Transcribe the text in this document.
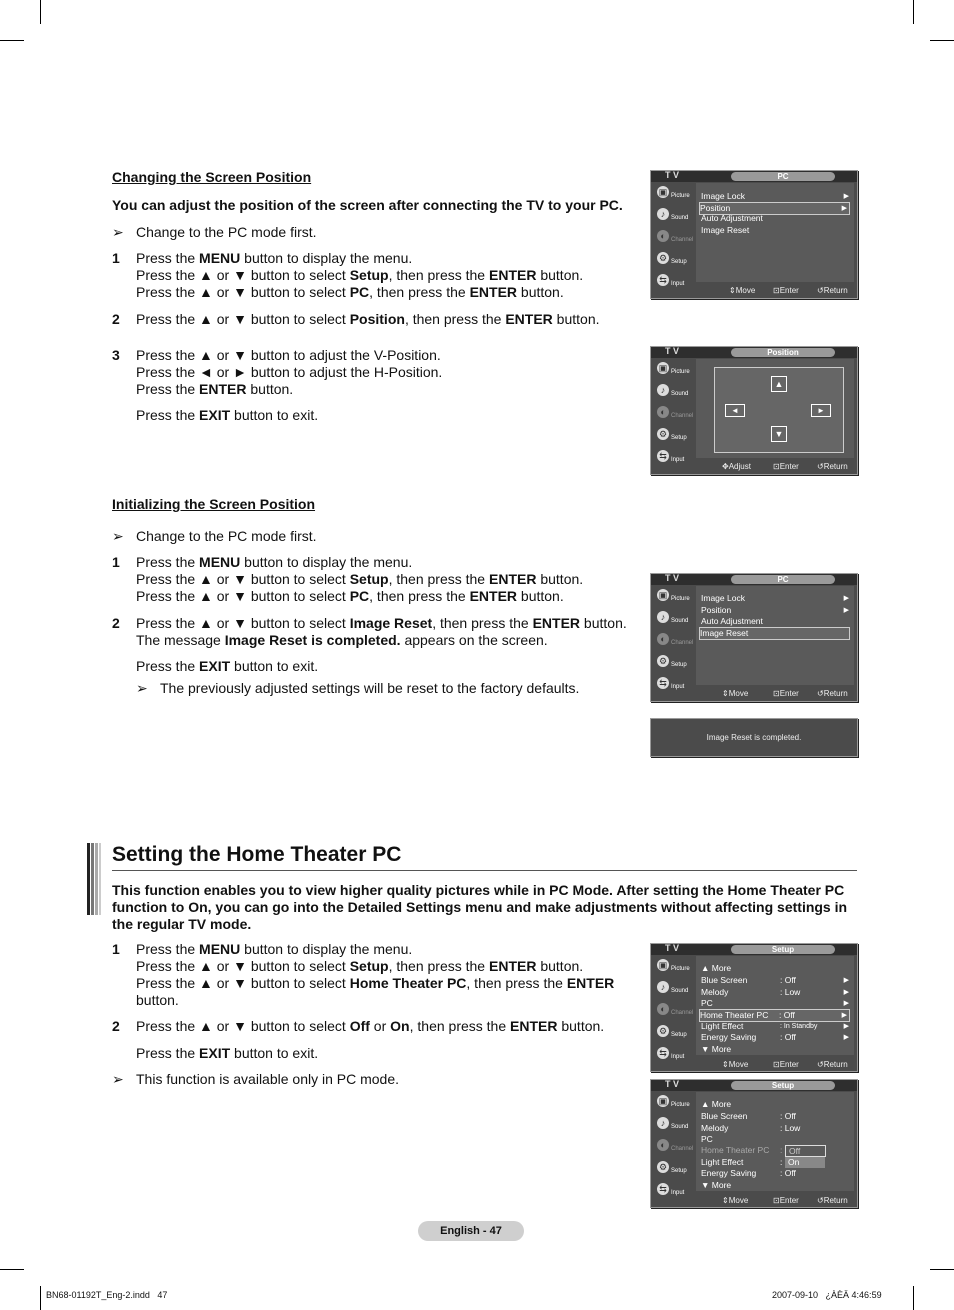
Changing the Screen Position
You can adjust the position of the screen after connecting the TV to your PC.
➢ Change to the PC mode first.
1 Press the MENU button to display the menu.
Press the ▲ or ▼ button to select Setup, then press the ENTER button.
Press the ▲ or ▼ button to select PC, then press the ENTER button.
2 Press the ▲ or ▼ button to select Position, then press the ENTER button.
3 Press the ▲ or ▼ button to adjust the V-Position.
Press the ◄ or ► button to adjust the H-Position.
Press the ENTER button.
Press the EXIT button to exit.
Initializing the Screen Position
➢ Change to the PC mode first.
1 Press the MENU button to display the menu.
Press the ▲ or ▼ button to select Setup, then press the ENTER button.
Press the ▲ or ▼ button to select PC, then press the ENTER button.
2 Press the ▲ or ▼ button to select Image Reset, then press the ENTER button.
The message Image Reset is completed. appears on the screen.
Press the EXIT button to exit.
➢ The previously adjusted settings will be reset to the factory defaults.
Setting the Home Theater PC
This function enables you to view higher quality pictures while in PC Mode. After setting the Home Theater PC function to On, you can go into the Detailed Settings menu and make adjustments without affecting settings in the regular TV mode.
1 Press the MENU button to display the menu.
Press the ▲ or ▼ button to select Setup, then press the ENTER button.
Press the ▲ or ▼ button to select Home Theater PC, then press the ENTER
button.
2 Press the ▲ or ▼ button to select Off or On, then press the ENTER button.
Press the EXIT button to exit.
➢ This function is available only in PC mode.
T V	PC
▣ Picture
♪ Sound
◐ Channel
⚙ Setup
⇆ Input
Image Lock	▶
Position	▶
Auto Adjustment
Image Reset
⇕ Move ⊡ Enter ↺ Return
T V	Position
▣ Picture
♪ Sound
◐ Channel
⚙ Setup
⇆ Input
▲
▼
◄	►
✥ Adjust	⊡ Enter ↺ Return
T V	PC
▣ Picture
♪ Sound
◐ Channel
⚙ Setup
⇆ Input
Image Lock	▶
Position	▶
Auto Adjustment
Image Reset
⇕ Move	⊡ Enter ↺ Return
Image Reset is completed.
T V	Setup
▣ Picture
♪ Sound
◐ Channel
⚙ Setup
⇆ Input
▲ More
Blue Screen	: Off	▶
Melody	: Low	▶
PC	▶
Home Theater PC : Off	▶
Light Effect	: In Standby	▶
Energy Saving	: Off	▶
▼ More
⇕ Move	⊡ Enter ↺ Return
T V	Setup
▣ Picture
♪ Sound
◐ Channel
⚙ Setup
⇆ Input
▲ More
Blue Screen	: Off
Melody	: Low
PC
Home Theater PC :
Light Effect	:
Energy Saving	: Off
▼ More
Off
On
⇕ Move	⊡ Enter ↺ Return
English - 47
BN68-01192T_Eng-2.indd   47	2007-09-10   ¿ÀÈÄ 4:46:59
